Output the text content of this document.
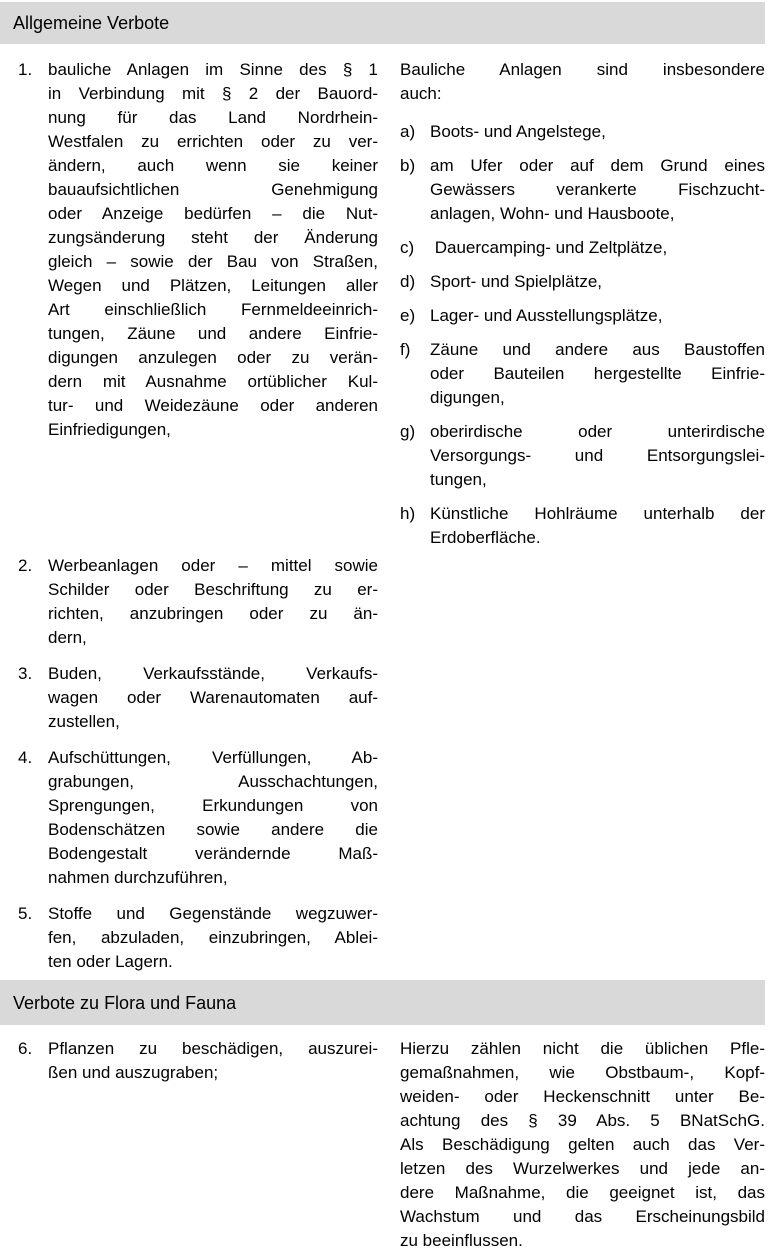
Allgemeine Verbote
1. bauliche Anlagen im Sinne des § 1
in Verbindung mit § 2 der Bauord-
nung für das Land Nordrhein-
Westfalen zu errichten oder zu ver-
ändern, auch wenn sie keiner
bauaufsichtlichen Genehmigung
oder Anzeige bedürfen – die Nut-
zungsänderung steht der Änderung
gleich – sowie der Bau von Straßen,
Wegen und Plätzen, Leitungen aller
Art einschließlich Fernmeldeeinrich-
tungen, Zäune und andere Einfrie-
digungen anzulegen oder zu verän-
dern mit Ausnahme ortüblicher Kul-
tur- und Weidezäune oder anderen
Einfriedigungen,
Bauliche Anlagen sind insbesondere
auch:
a) Boots- und Angelstege,
b) am Ufer oder auf dem Grund eines
Gewässers verankerte Fischzucht-
anlagen, Wohn- und Hausboote,
c) Dauercamping- und Zeltplätze,
d) Sport- und Spielplätze,
e) Lager- und Ausstellungsplätze,
f)	Zäune und andere aus Baustoffen
oder Bauteilen hergestellte Einfrie-
digungen,
g) oberirdische oder unterirdische
Versorgungs- und Entsorgungslei-
tungen,
h) Künstliche Hohlräume unterhalb der
Erdoberfläche.
2. Werbeanlagen oder – mittel sowie
Schilder oder Beschriftung zu er-
richten, anzubringen oder zu än-
dern,
3. Buden, Verkaufsstände, Verkaufs-
wagen oder Warenautomaten auf-
zustellen,
4. Aufschüttungen, Verfüllungen, Ab-
grabungen, Ausschachtungen,
Sprengungen, Erkundungen von
Bodenschätzen sowie andere die
Bodengestalt verändernde Maß-
nahmen durchzuführen,
5. Stoffe und Gegenstände wegzuwer-
fen, abzuladen, einzubringen, Ablei-
ten oder Lagern.
Verbote zu Flora und Fauna
6. Pflanzen zu beschädigen, auszurei-
ßen und auszugraben;
Hierzu zählen nicht die üblichen Pfle-
gemaßnahmen, wie Obstbaum-, Kopf-
weiden- oder Heckenschnitt unter Be-
achtung des § 39 Abs. 5 BNatSchG.
Als Beschädigung gelten auch das Ver-
letzen des Wurzelwerkes und jede an-
dere Maßnahme, die geeignet ist, das
Wachstum und das Erscheinungsbild
zu beeinflussen.
